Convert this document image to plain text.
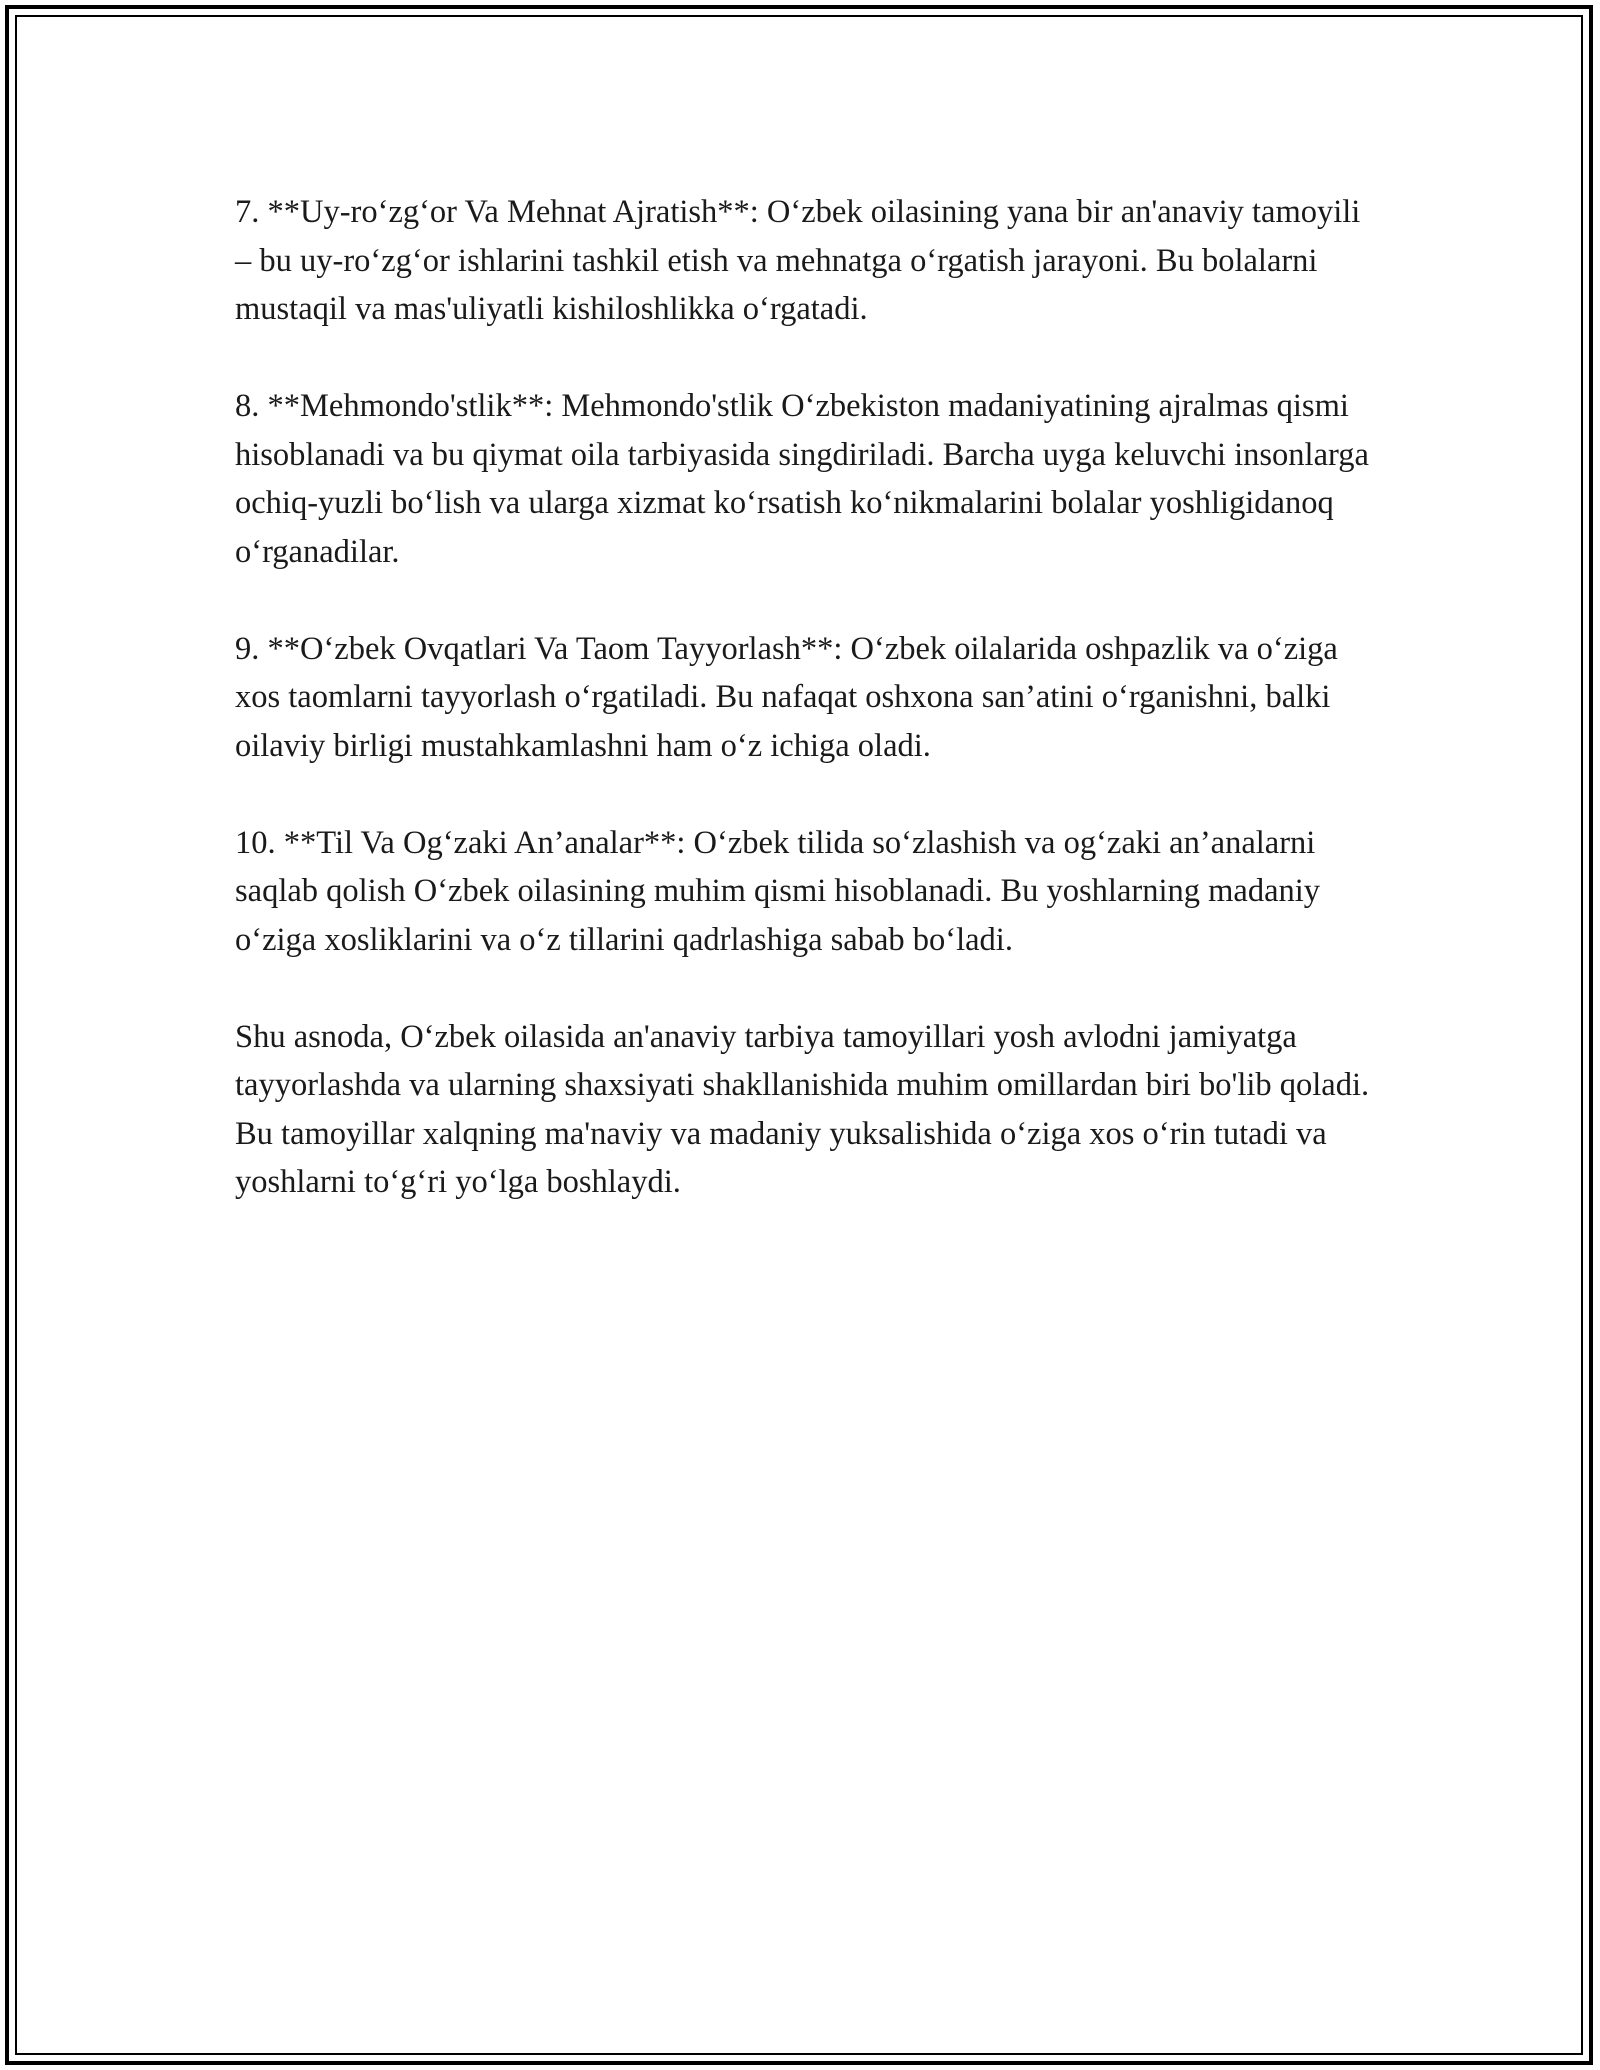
7. **Uy-ro‘zg‘or Va Mehnat Ajratish**: O‘zbek oilasining yana bir an'anaviy tamoyili – bu uy-ro‘zg‘or ishlarini tashkil etish va mehnatga o‘rgatish jarayoni. Bu bolalarni mustaqil va mas'uliyatli kishiloshlikka o‘rgatadi.

8. **Mehmondo'stlik**: Mehmondo'stlik O‘zbekiston madaniyatining ajralmas qismi hisoblanadi va bu qiymat oila tarbiyasida singdiriladi. Barcha uyga keluvchi insonlarga ochiq-yuzli bo‘lish va ularga xizmat ko‘rsatish ko‘nikmalarini bolalar yoshligidanoq o‘rganadilar.

9. **O‘zbek Ovqatlari Va Taom Tayyorlash**: O‘zbek oilalarida oshpazlik va o‘ziga xos taomlarni tayyorlash o‘rgatiladi. Bu nafaqat oshxona san’atini o‘rganishni, balki oilaviy birligi mustahkamlashni ham o‘z ichiga oladi.

10. **Til Va Og‘zaki An’analar**: O‘zbek tilida so‘zlashish va og‘zaki an’analarni saqlab qolish O‘zbek oilasining muhim qismi hisoblanadi. Bu yoshlarning madaniy o‘ziga xosliklarini va o‘z tillarini qadrlashiga sabab bo‘ladi.

Shu asnoda, O‘zbek oilasida an'anaviy tarbiya tamoyillari yosh avlodni jamiyatga tayyorlashda va ularning shaxsiyati shakllanishida muhim omillardan biri bo'lib qoladi. Bu tamoyillar xalqning ma'naviy va madaniy yuksalishida o‘ziga xos o‘rin tutadi va yoshlarni to‘g‘ri yo‘lga boshlaydi.
